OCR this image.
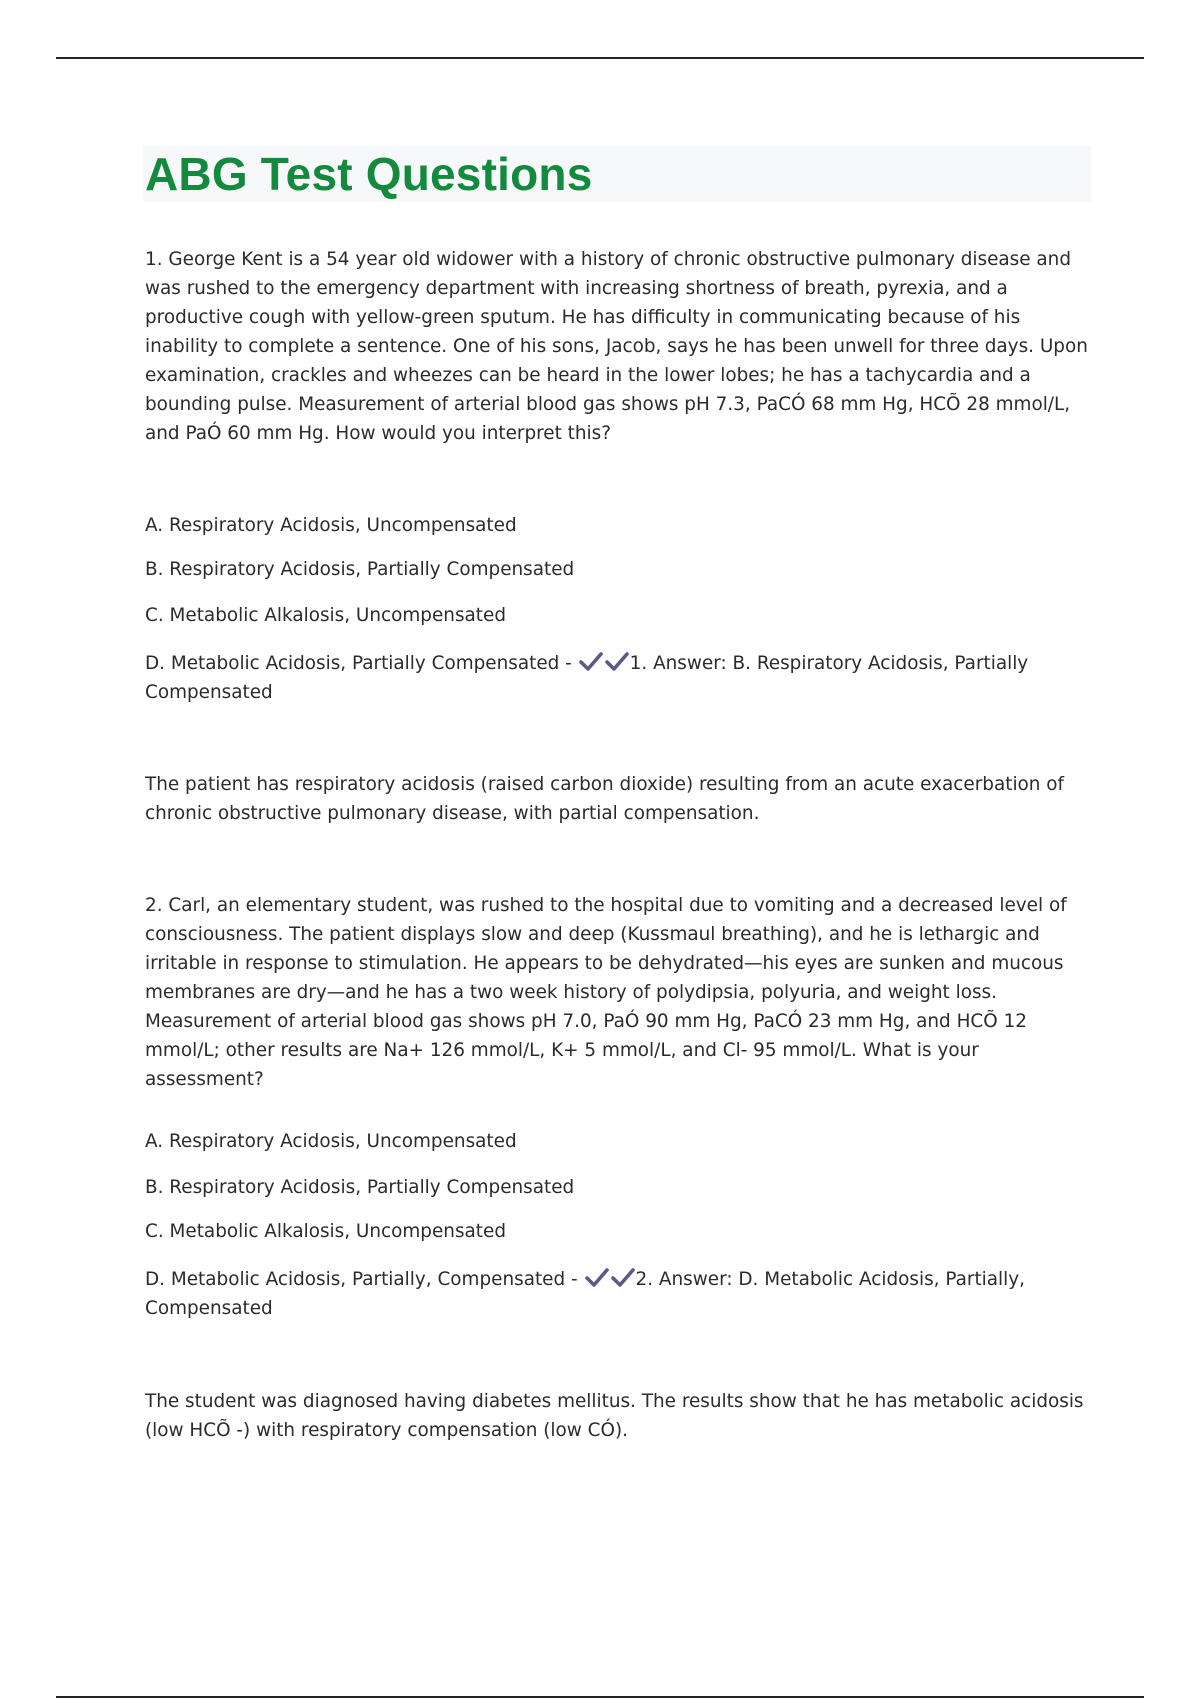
ABG Test Questions

1. George Kent is a 54 year old widower with a history of chronic obstructive pulmonary disease and was rushed to the emergency department with increasing shortness of breath, pyrexia, and a productive cough with yellow-green sputum. He has difficulty in communicating because of his inability to complete a sentence. One of his sons, Jacob, says he has been unwell for three days. Upon examination, crackles and wheezes can be heard in the lower lobes; he has a tachycardia and a bounding pulse. Measurement of arterial blood gas shows pH 7.3, PaCÓ 68 mm Hg, HCÕ 28 mmol/L, and PaÓ 60 mm Hg. How would you interpret this?

A. Respiratory Acidosis, Uncompensated

B. Respiratory Acidosis, Partially Compensated

C. Metabolic Alkalosis, Uncompensated

D. Metabolic Acidosis, Partially Compensated -	1. Answer: B. Respiratory Acidosis, Partially Compensated

The patient has respiratory acidosis (raised carbon dioxide) resulting from an acute exacerbation of chronic obstructive pulmonary disease, with partial compensation.

2. Carl, an elementary student, was rushed to the hospital due to vomiting and a decreased level of consciousness. The patient displays slow and deep (Kussmaul breathing), and he is lethargic and irritable in response to stimulation. He appears to be dehydrated—his eyes are sunken and mucous membranes are dry—and he has a two week history of polydipsia, polyuria, and weight loss. Measurement of arterial blood gas shows pH 7.0, PaÓ 90 mm Hg, PaCÓ 23 mm Hg, and HCÕ 12 mmol/L; other results are Na+ 126 mmol/L, K+ 5 mmol/L, and Cl- 95 mmol/L. What is your assessment?

A. Respiratory Acidosis, Uncompensated

B. Respiratory Acidosis, Partially Compensated

C. Metabolic Alkalosis, Uncompensated

D. Metabolic Acidosis, Partially, Compensated -	2. Answer: D. Metabolic Acidosis, Partially, Compensated

The student was diagnosed having diabetes mellitus. The results show that he has metabolic acidosis (low HCÕ -) with respiratory compensation (low CÓ).
